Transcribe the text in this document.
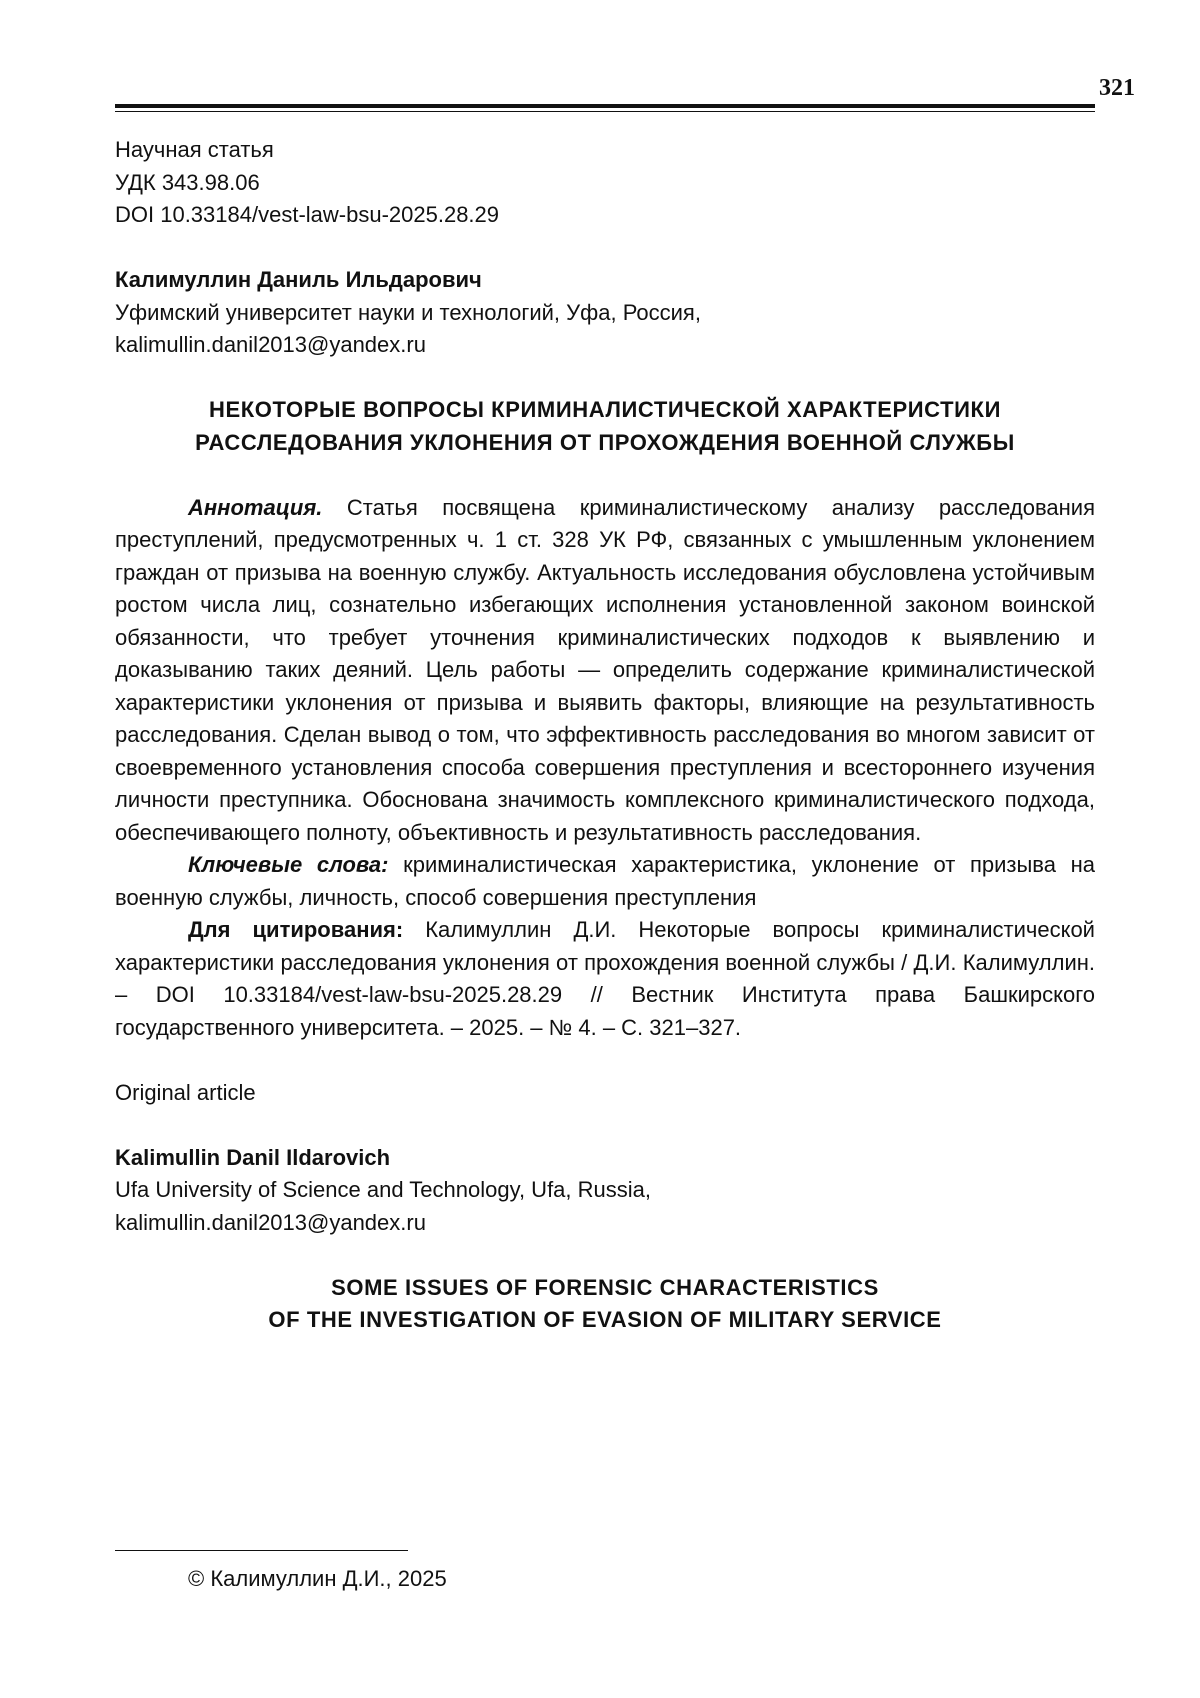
321

Научная статья

УДК 343.98.06

DOI 10.33184/vest-law-bsu-2025.28.29

Калимуллин Даниль Ильдарович

Уфимский университет науки и технологий, Уфа, Россия,

kalimullin.danil2013@yandex.ru

НЕКОТОРЫЕ ВОПРОСЫ КРИМИНАЛИСТИЧЕСКОЙ ХАРАКТЕРИСТИКИ

РАССЛЕДОВАНИЯ УКЛОНЕНИЯ ОТ ПРОХОЖДЕНИЯ ВОЕННОЙ СЛУЖБЫ

Аннотация. Статья посвящена криминалистическому анализу расследования преступлений, предусмотренных ч. 1 ст. 328 УК РФ, связанных с умышленным уклонением граждан от призыва на военную службу. Актуальность исследования обусловлена устойчивым ростом числа лиц, сознательно избегающих исполнения установленной законом воинской обязанности, что требует уточнения криминалистических подходов к выявлению и доказыванию таких деяний. Цель работы — определить содержание криминалистической характеристики уклонения от призыва и выявить факторы, влияющие на результативность расследования. Сделан вывод о том, что эффективность расследования во многом зависит от своевременного установления способа совершения преступления и всестороннего изучения личности преступника. Обоснована значимость комплексного криминалистического подхода, обеспечивающего полноту, объективность и результативность расследования.

Ключевые слова: криминалистическая характеристика, уклонение от призыва на военную службы, личность, способ совершения преступления

Для цитирования: Калимуллин Д.И. Некоторые вопросы криминалистической характеристики расследования уклонения от прохождения военной службы / Д.И. Калимуллин. – DOI 10.33184/vest-law-bsu-2025.28.29 // Вестник Института права Башкирского государственного университета. – 2025. – № 4. – С. 321–327.

Original article

Kalimullin Danil Ildarovich

Ufa University of Science and Technology, Ufa, Russia,

kalimullin.danil2013@yandex.ru

SOME ISSUES OF FORENSIC CHARACTERISTICS

OF THE INVESTIGATION OF EVASION OF MILITARY SERVICE

© Калимуллин Д.И., 2025
